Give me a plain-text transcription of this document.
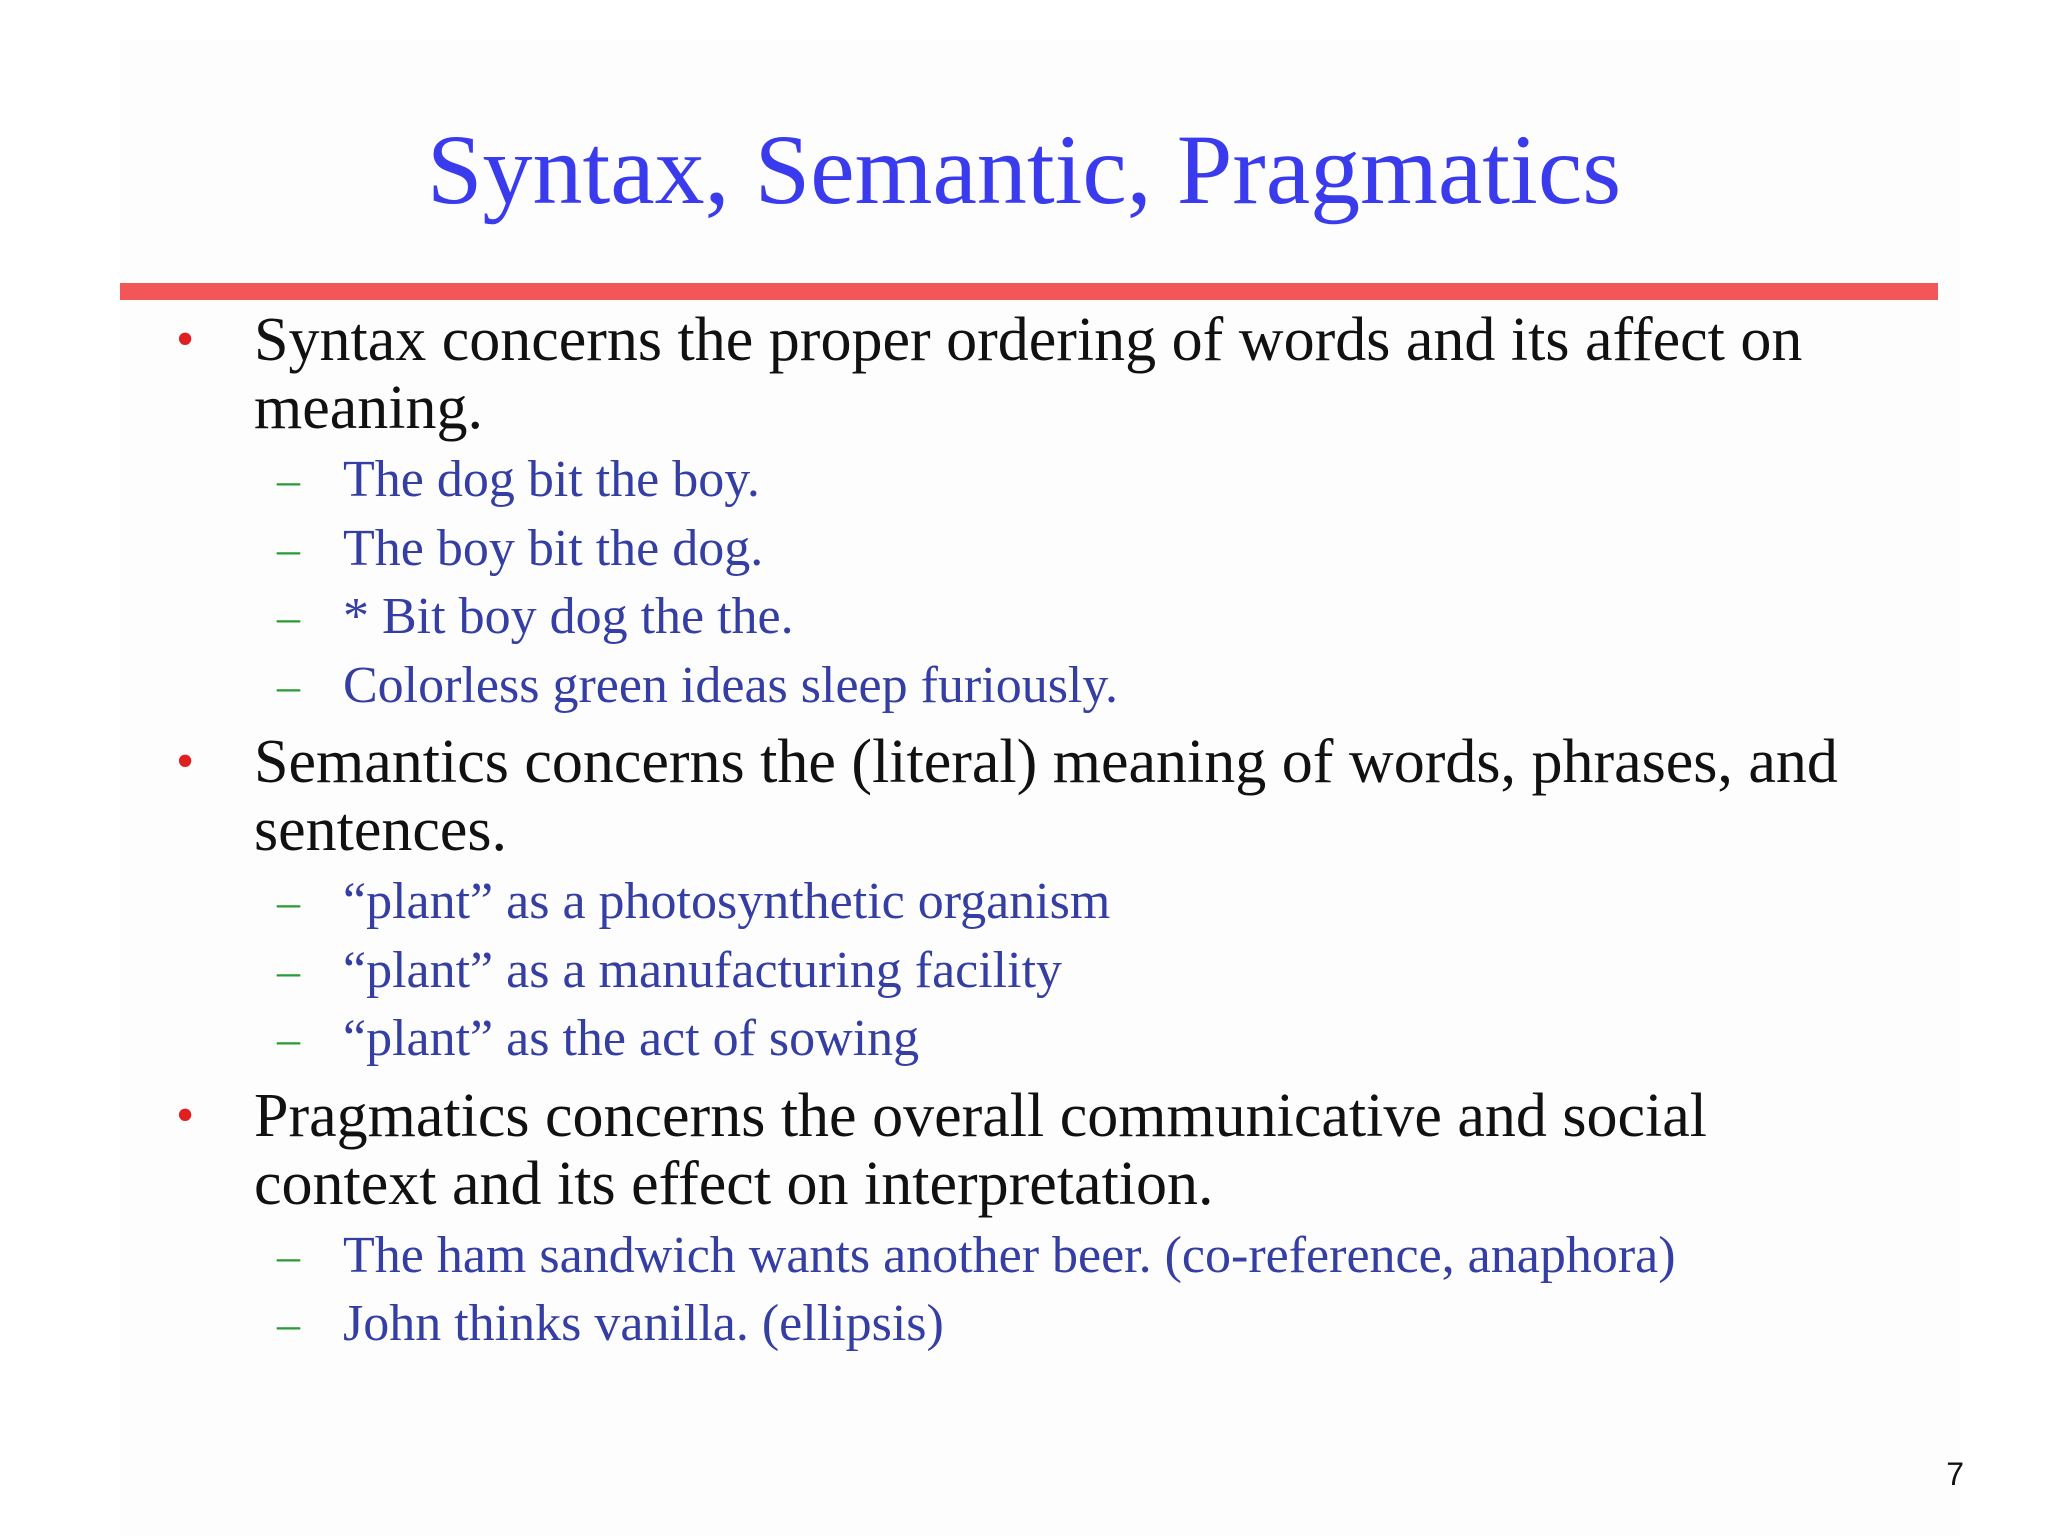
Syntax, Semantic, Pragmatics
• Syntax concerns the proper ordering of words and its affect on meaning.
– The dog bit the boy.
– The boy bit the dog.
– * Bit boy dog the the.
– Colorless green ideas sleep furiously.
• Semantics concerns the (literal) meaning of words, phrases, and sentences.
– “plant” as a photosynthetic organism
– “plant” as a manufacturing facility
– “plant” as the act of sowing
• Pragmatics concerns the overall communicative and social context and its effect on interpretation.
– The ham sandwich wants another beer. (co-reference, anaphora)
– John thinks vanilla. (ellipsis)
7
